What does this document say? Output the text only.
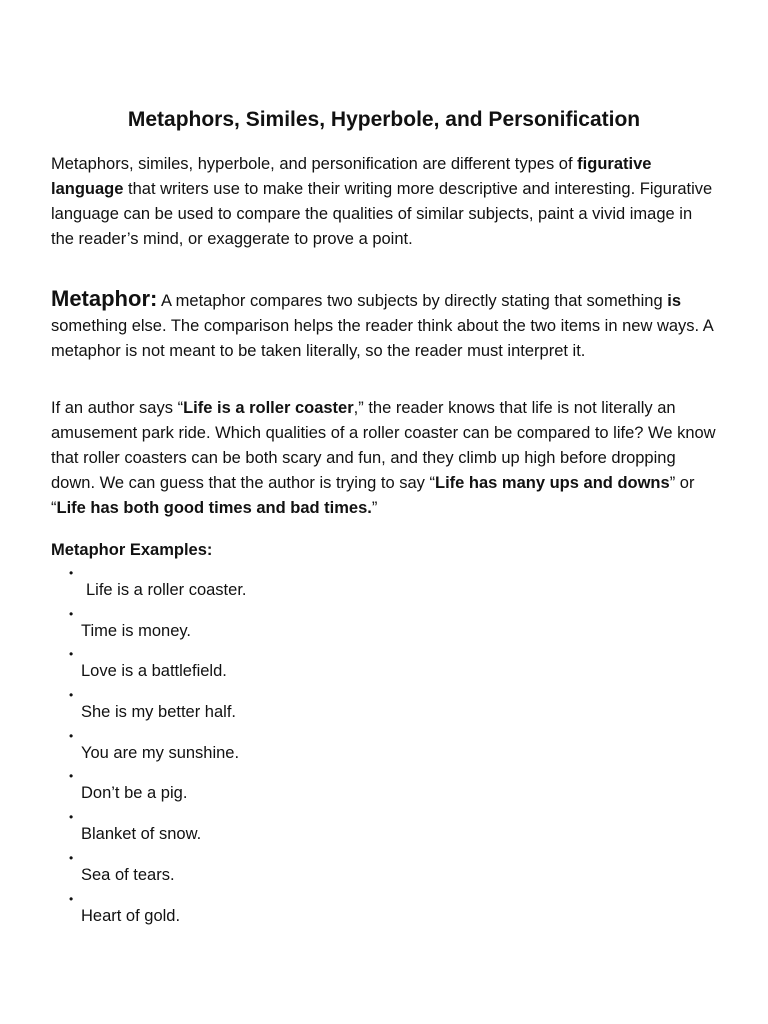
Metaphors, Similes, Hyperbole, and Personification

Metaphors, similes, hyperbole, and personification are different types of figurative language that writers use to make their writing more descriptive and interesting. Figurative language can be used to compare the qualities of similar subjects, paint a vivid image in the reader’s mind, or exaggerate to prove a point.

Metaphor: A metaphor compares two subjects by directly stating that something is something else. The comparison helps the reader think about the two items in new ways. A metaphor is not meant to be taken literally, so the reader must interpret it.

If an author says “Life is a roller coaster,” the reader knows that life is not literally an amusement park ride. Which qualities of a roller coaster can be compared to life? We know that roller coasters can be both scary and fun, and they climb up high before dropping down. We can guess that the author is trying to say “Life has many ups and downs” or “Life has both good times and bad times.”

Metaphor Examples:

•
Life is a roller coaster.
•
Time is money.
•
Love is a battlefield.
•
She is my better half.
•
You are my sunshine.
•
Don’t be a pig.
•
Blanket of snow.
•
Sea of tears.
•
Heart of gold.
